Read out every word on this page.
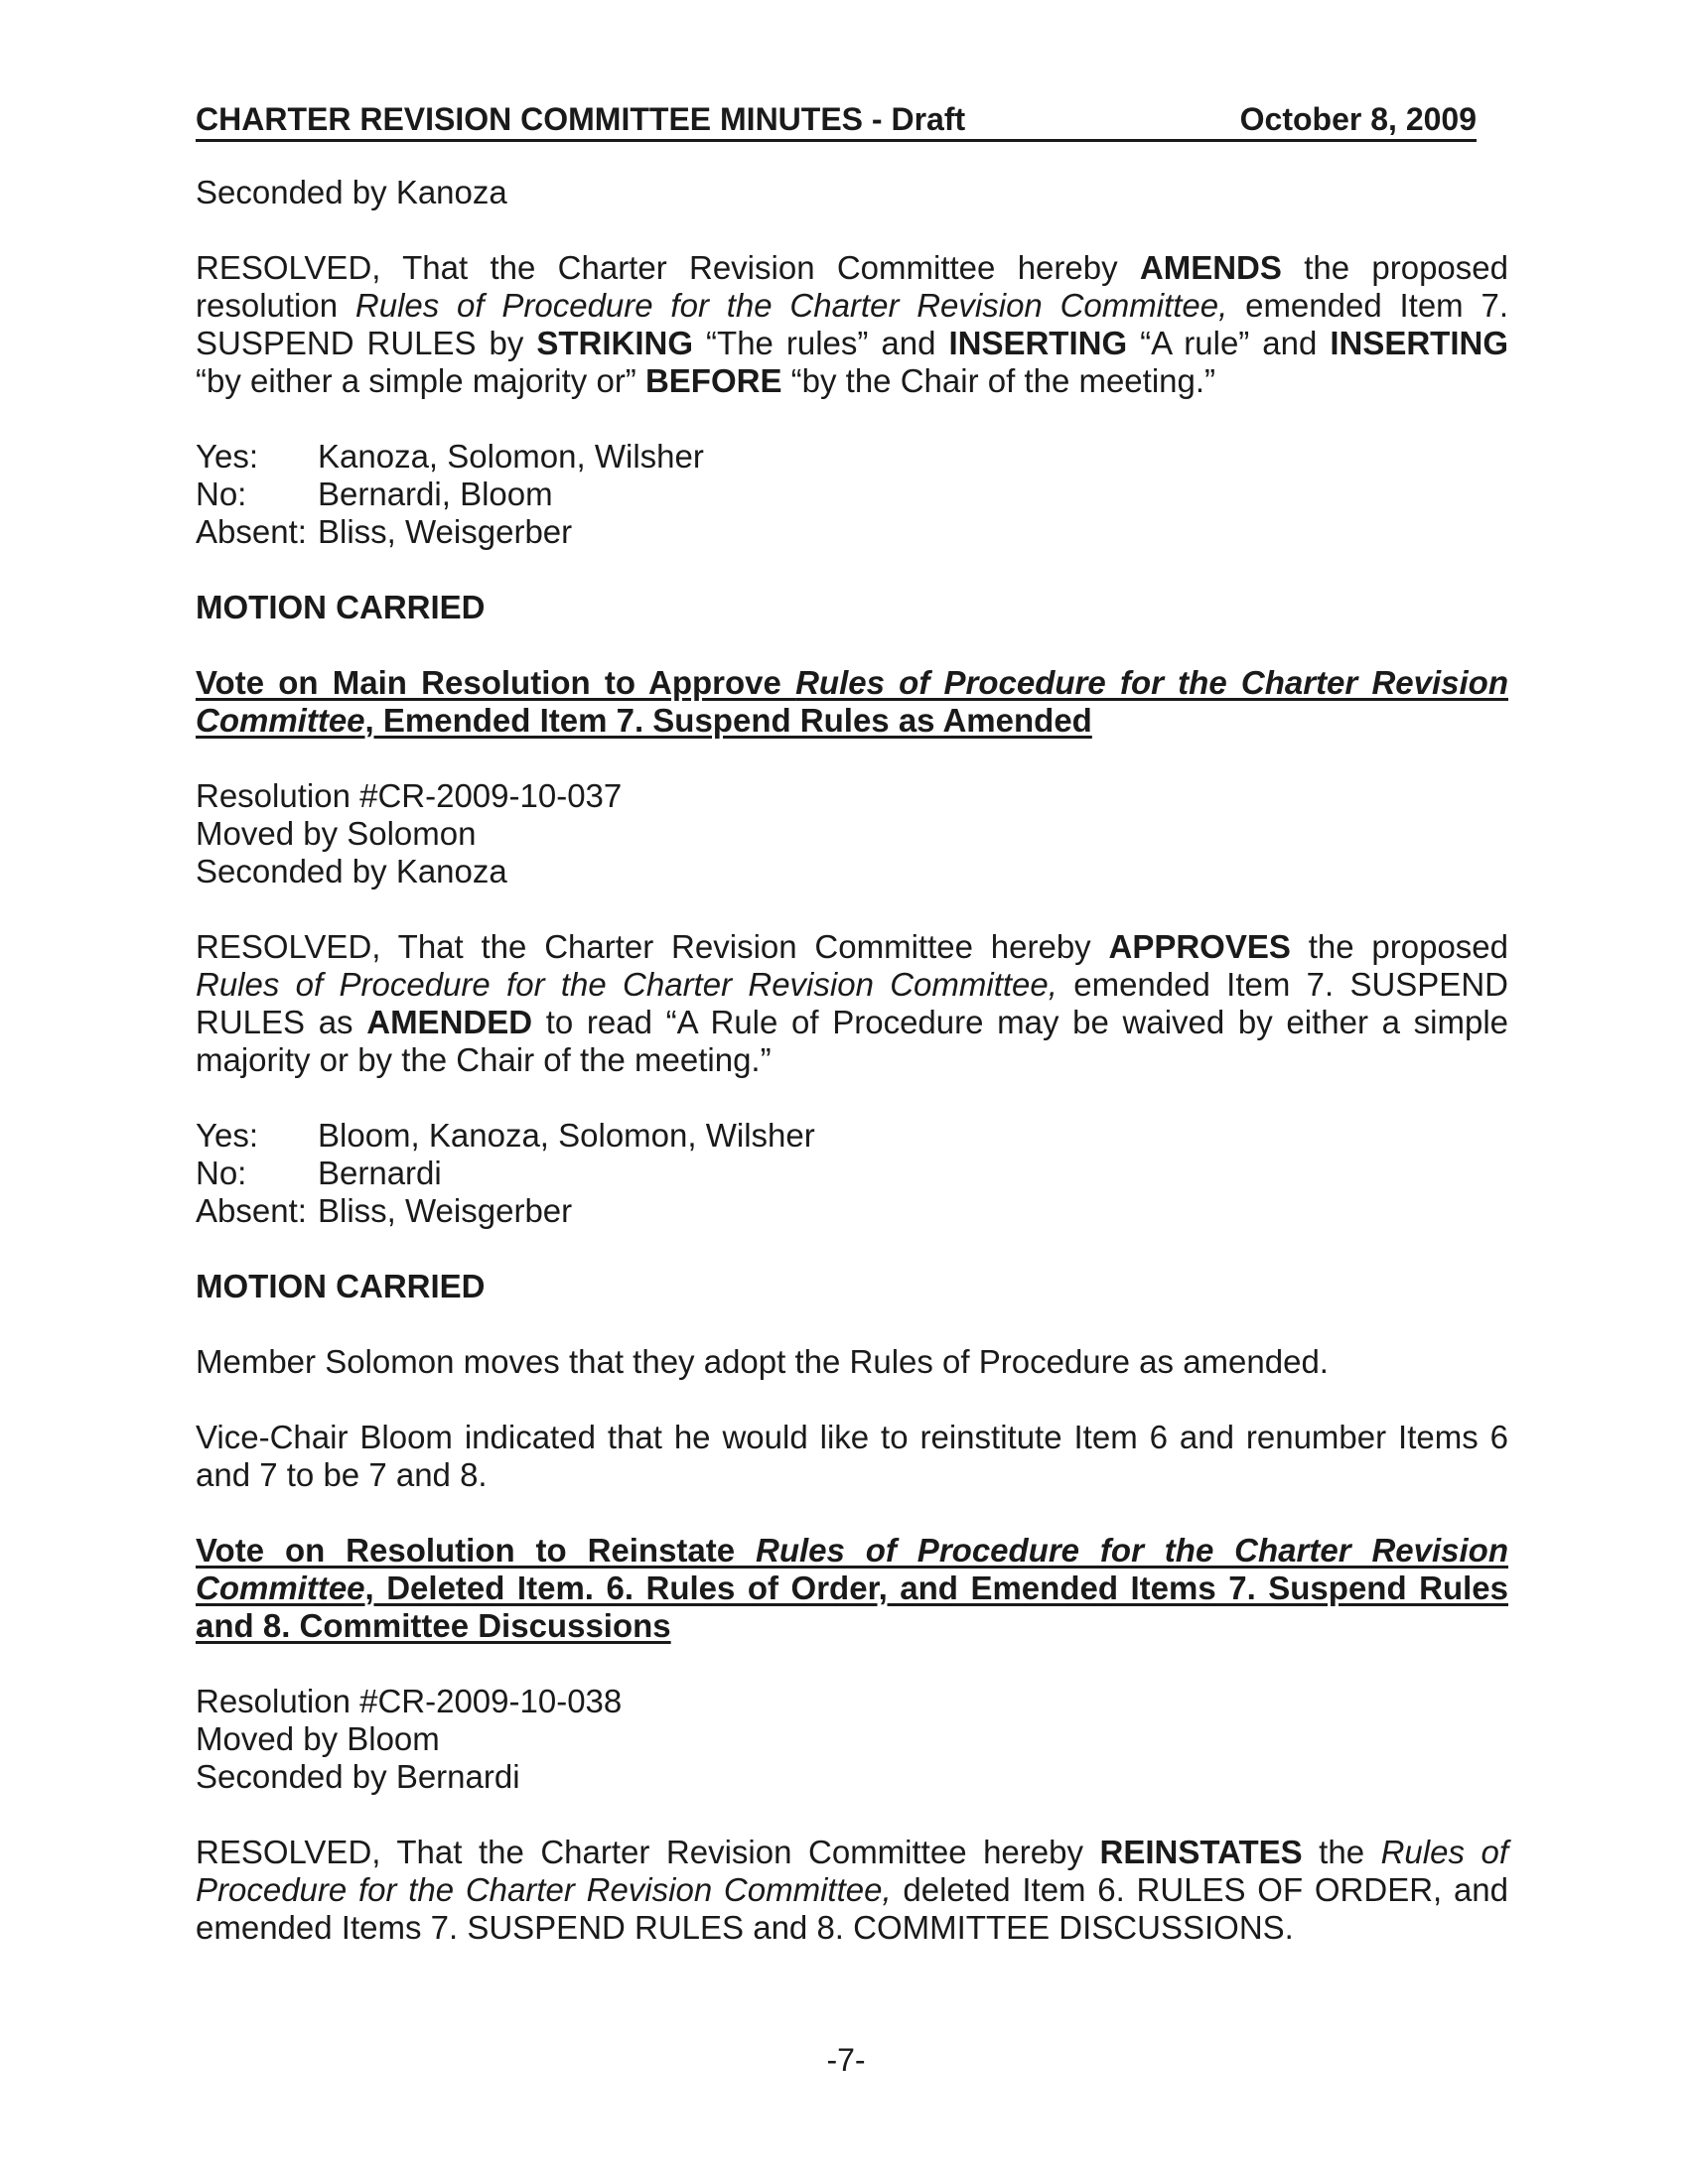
CHARTER REVISION COMMITTEE MINUTES - Draft	October 8, 2009

Seconded by Kanoza

RESOLVED, That the Charter Revision Committee hereby AMENDS the proposed resolution Rules of Procedure for the Charter Revision Committee, emended Item 7. SUSPEND RULES by STRIKING “The rules” and INSERTING “A rule” and INSERTING “by either a simple majority or” BEFORE “by the Chair of the meeting.”

Yes:	Kanoza, Solomon, Wilsher
No:	Bernardi, Bloom
Absent: Bliss, Weisgerber

MOTION CARRIED

Vote on Main Resolution to Approve Rules of Procedure for the Charter Revision Committee, Emended Item 7. Suspend Rules as Amended

Resolution #CR-2009-10-037

Moved by Solomon

Seconded by Kanoza

RESOLVED, That the Charter Revision Committee hereby APPROVES the proposed Rules of Procedure for the Charter Revision Committee, emended Item 7. SUSPEND RULES as AMENDED to read “A Rule of Procedure may be waived by either a simple majority or by the Chair of the meeting.”

Yes:	Bloom, Kanoza, Solomon, Wilsher
No:	Bernardi
Absent: Bliss, Weisgerber

MOTION CARRIED

Member Solomon moves that they adopt the Rules of Procedure as amended.

Vice-Chair Bloom indicated that he would like to reinstitute Item 6 and renumber Items 6 and 7 to be 7 and 8.

Vote on Resolution to Reinstate Rules of Procedure for the Charter Revision Committee, Deleted Item. 6. Rules of Order, and Emended Items 7. Suspend Rules and 8. Committee Discussions

Resolution #CR-2009-10-038

Moved by Bloom

Seconded by Bernardi

RESOLVED, That the Charter Revision Committee hereby REINSTATES the Rules of Procedure for the Charter Revision Committee, deleted Item 6. RULES OF ORDER, and emended Items 7. SUSPEND RULES and 8. COMMITTEE DISCUSSIONS.

-7-
